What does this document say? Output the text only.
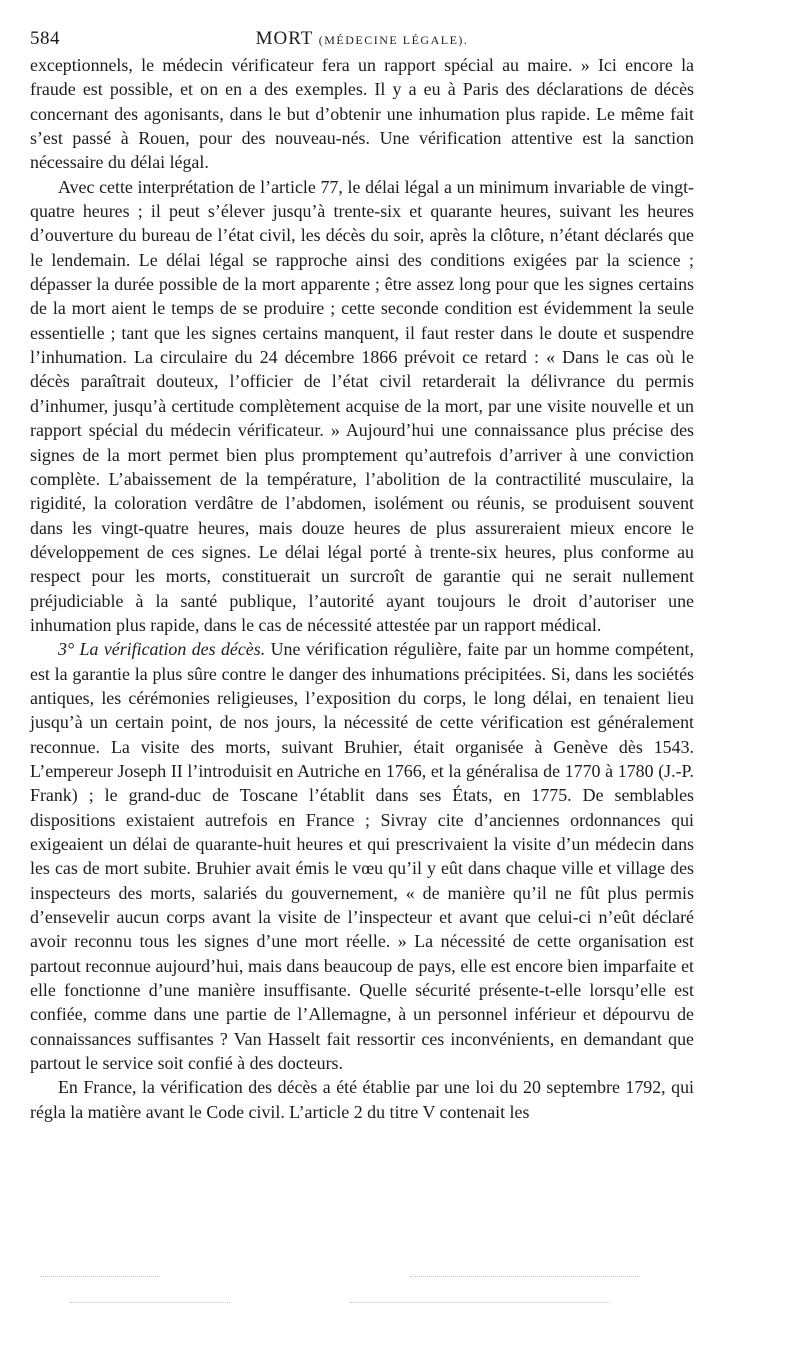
584	MORT (MÉDECINE LÉGALE).

exceptionnels, le médecin vérificateur fera un rapport spécial au maire. » Ici encore la fraude est possible, et on en a des exemples. Il y a eu à Paris des déclarations de décès concernant des agonisants, dans le but d’obtenir une inhumation plus rapide. Le même fait s’est passé à Rouen, pour des nouveau-nés. Une vérification attentive est la sanction nécessaire du délai légal.

Avec cette interprétation de l’article 77, le délai légal a un minimum invariable de vingt-quatre heures ; il peut s’élever jusqu’à trente-six et quarante heures, suivant les heures d’ouverture du bureau de l’état civil, les décès du soir, après la clôture, n’étant déclarés que le lendemain. Le délai légal se rapproche ainsi des conditions exigées par la science ; dépasser la durée possible de la mort apparente ; être assez long pour que les signes certains de la mort aient le temps de se produire ; cette seconde condition est évidemment la seule essentielle ; tant que les signes certains manquent, il faut rester dans le doute et suspendre l’inhumation. La circulaire du 24 décembre 1866 prévoit ce retard : « Dans le cas où le décès paraîtrait douteux, l’officier de l’état civil retarderait la délivrance du permis d’inhumer, jusqu’à certitude complètement acquise de la mort, par une visite nouvelle et un rapport spécial du médecin vérificateur. » Aujourd’hui une connaissance plus précise des signes de la mort permet bien plus promptement qu’autrefois d’arriver à une conviction complète. L’abaissement de la température, l’abolition de la contractilité musculaire, la rigidité, la coloration verdâtre de l’abdomen, isolément ou réunis, se produisent souvent dans les vingt-quatre heures, mais douze heures de plus assureraient mieux encore le développement de ces signes. Le délai légal porté à trente-six heures, plus conforme au respect pour les morts, constituerait un surcroît de garantie qui ne serait nullement préjudiciable à la santé publique, l’autorité ayant toujours le droit d’autoriser une inhumation plus rapide, dans le cas de nécessité attestée par un rapport médical.

3° La vérification des décès. Une vérification régulière, faite par un homme compétent, est la garantie la plus sûre contre le danger des inhumations précipitées. Si, dans les sociétés antiques, les cérémonies religieuses, l’exposition du corps, le long délai, en tenaient lieu jusqu’à un certain point, de nos jours, la nécessité de cette vérification est généralement reconnue. La visite des morts, suivant Bruhier, était organisée à Genève dès 1543. L’empereur Joseph II l’introduisit en Autriche en 1766, et la généralisa de 1770 à 1780 (J.-P. Frank) ; le grand-duc de Toscane l’établit dans ses États, en 1775. De semblables dispositions existaient autrefois en France ; Sivray cite d’anciennes ordonnances qui exigeaient un délai de quarante-huit heures et qui prescrivaient la visite d’un médecin dans les cas de mort subite. Bruhier avait émis le vœu qu’il y eût dans chaque ville et village des inspecteurs des morts, salariés du gouvernement, « de manière qu’il ne fût plus permis d’ensevelir aucun corps avant la visite de l’inspecteur et avant que celui-ci n’eût déclaré avoir reconnu tous les signes d’une mort réelle. » La nécessité de cette organisation est partout reconnue aujourd’hui, mais dans beaucoup de pays, elle est encore bien imparfaite et elle fonctionne d’une manière insuffisante. Quelle sécurité présente-t-elle lorsqu’elle est confiée, comme dans une partie de l’Allemagne, à un personnel inférieur et dépourvu de connaissances suffisantes ? Van Hasselt fait ressortir ces inconvénients, en demandant que partout le service soit confié à des docteurs.

En France, la vérification des décès a été établie par une loi du 20 septembre 1792, qui régla la matière avant le Code civil. L’article 2 du titre V contenait les
